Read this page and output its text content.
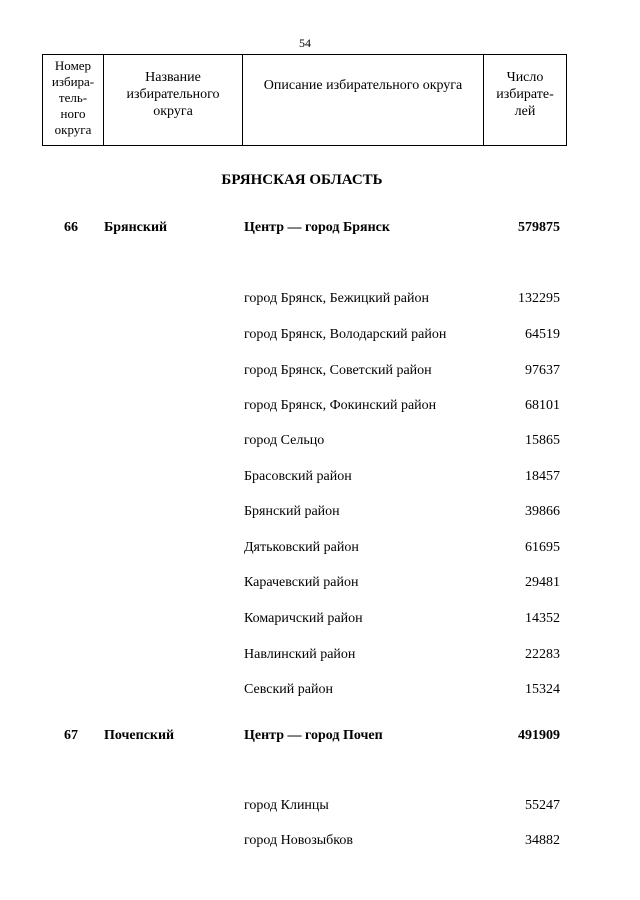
54
Номер
избира-
тель-
ного
округа

Название
избирательного
округа

Описание избирательного округа

Число
избирате-
лей
БРЯНСКАЯ ОБЛАСТЬ
66 Брянский	Центр — город Брянск	579875
город Брянск, Бежицкий район	132295
город Брянск, Володарский район	64519
город Брянск, Советский район	97637
город Брянск, Фокинский район	68101
город Сельцо	15865
Брасовский район	18457
Брянский район	39866
Дятьковский район	61695
Карачевский район	29481
Комаричский район	14352
Навлинский район	22283
Севский район	15324
67 Почепский	Центр — город Почеп	491909
город Клинцы	55247
город Новозыбков	34882
